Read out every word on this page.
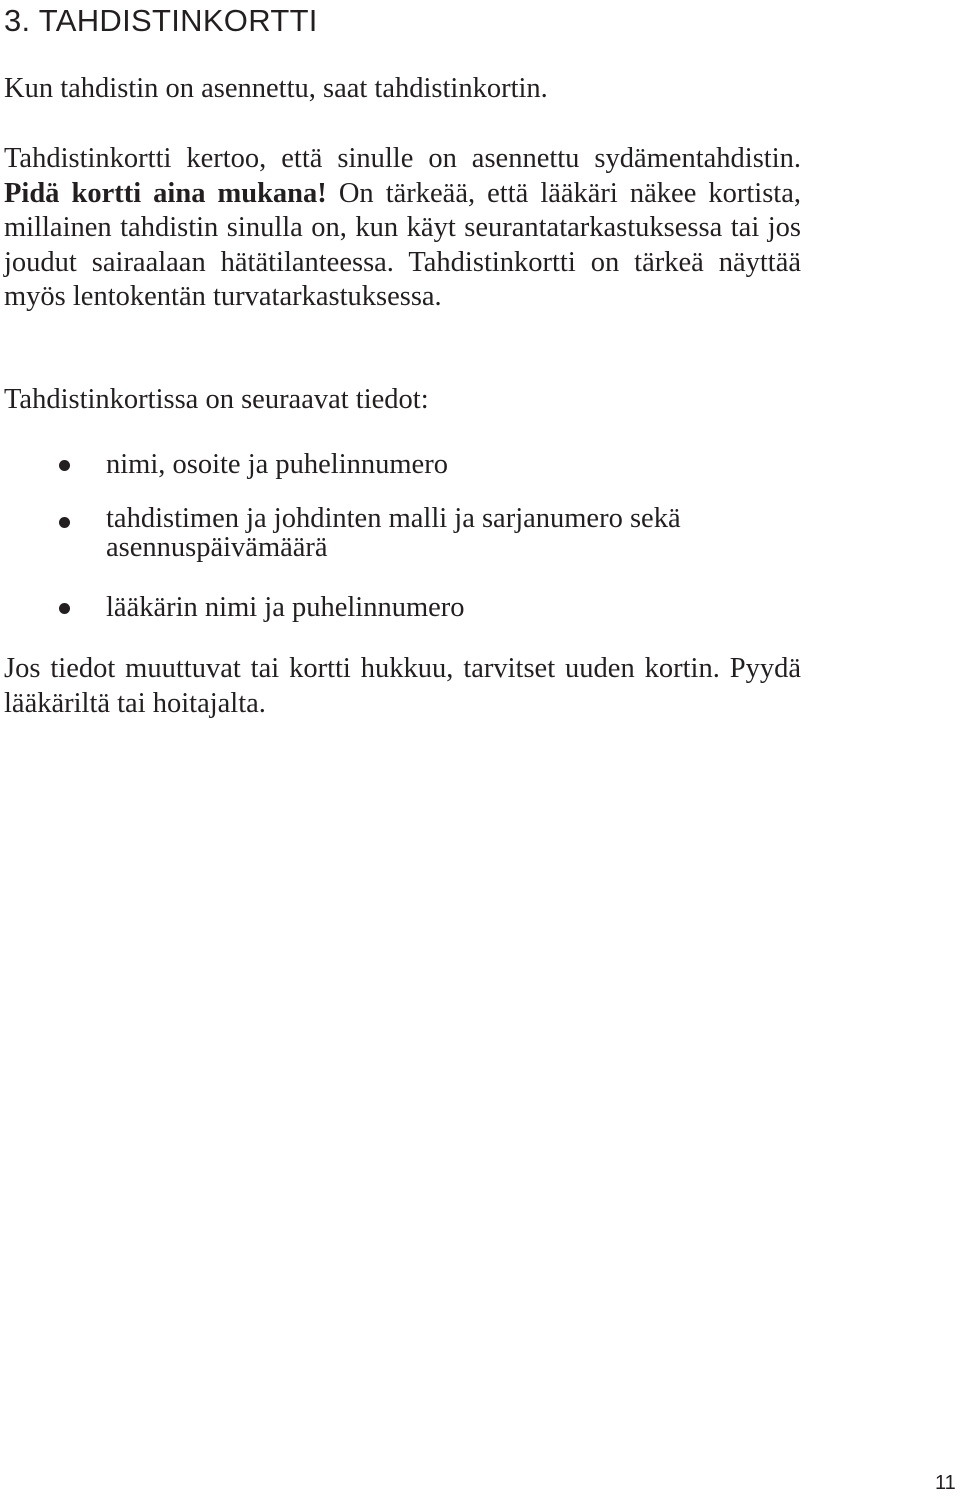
3. TAHDISTINKORTTI

Kun tahdistin on asennettu, saat tahdistinkortin.

Tahdistinkortti kertoo, että sinulle on asennettu sydämentahdistin. Pidä kortti aina mukana! On tärkeää, että lääkäri näkee kortista, millainen tahdistin sinulla on, kun käyt seurantatarkastuksessa tai jos joudut sairaalaan hätätilanteessa. Tahdistinkortti on tärkeä näyttää myös lentokentän turvatarkastuksessa.

Tahdistinkortissa on seuraavat tiedot:

nimi, osoite ja puhelinnumero

tahdistimen ja johdinten malli ja sarjanumero sekä asennuspäivämäärä

lääkärin nimi ja puhelinnumero

Jos tiedot muuttuvat tai kortti hukkuu, tarvitset uuden kortin. Pyydä lääkäriltä tai hoitajalta.

11
